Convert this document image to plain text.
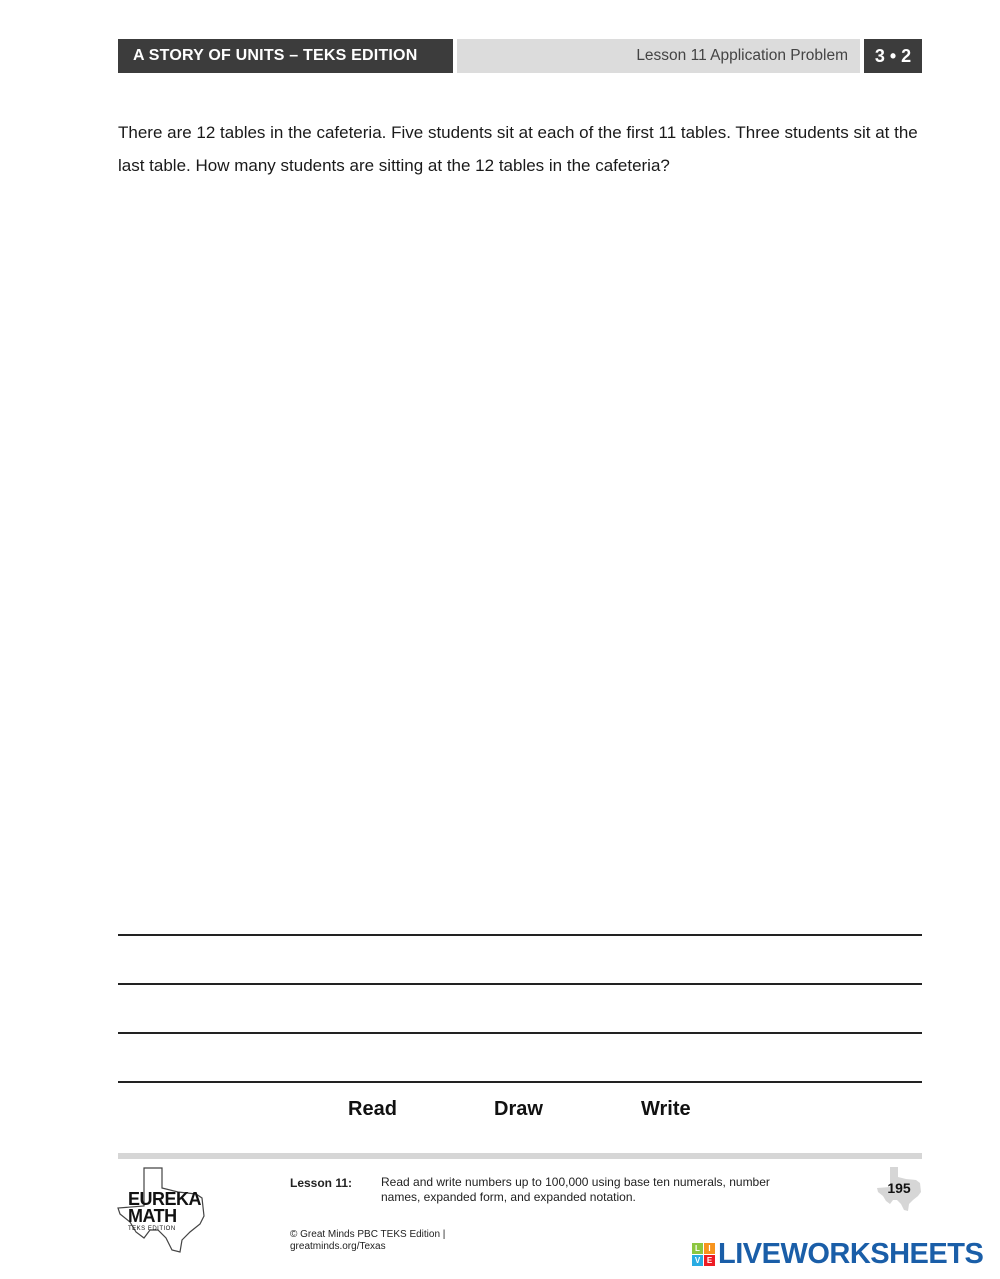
A STORY OF UNITS – TEKS EDITION	Lesson 11 Application Problem	3 • 2

There are 12 tables in the cafeteria. Five students sit at each of the first 11 tables. Three students sit at the last table. How many students are sitting at the 12 tables in the cafeteria?

Read	Draw	Write
EUREKA
MATH
TEKS EDITION
Lesson 11: Read and write numbers up to 100,000 using base ten numerals, number names, expanded form, and expanded notation.
© Great Minds PBC TEKS Edition |
greatminds.org/Texas
195
L	I
V E LIVEWORKSHEETS
